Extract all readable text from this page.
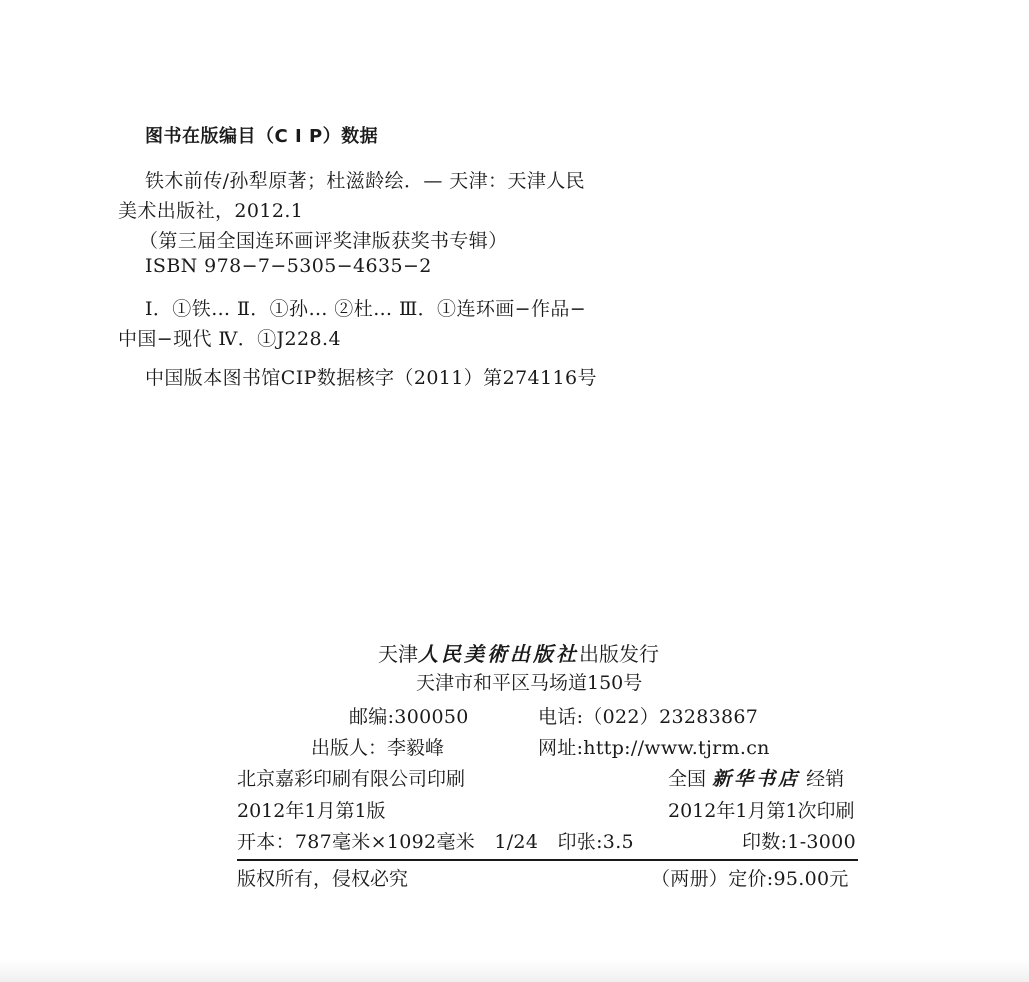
图书在版编目（C I P）数据
铁木前传/孙犁原著；杜滋龄绘．— 天津：天津人民
美术出版社，2012.1
（第三届全国连环画评奖津版获奖书专辑）
ISBN 978−7−5305−4635−2
Ⅰ．①铁… Ⅱ．①孙… ②杜… Ⅲ．①连环画−作品−
中国−现代 Ⅳ．①J228.4
中国版本图书馆CIP数据核字（2011）第274116号
天津人民美術出版社出版发行
天津市和平区马场道150号
邮编:300050	电话:（022）23283867
出版人：李毅峰	网址:http://www.tjrm.cn
北京嘉彩印刷有限公司印刷	全国 新华书店 经销
2012年1月第1版	2012年1月第1次印刷
开本：787毫米×1092毫米　1/24　印张:3.5	印数:1-3000
版权所有，侵权必究	（两册）定价:95.00元
